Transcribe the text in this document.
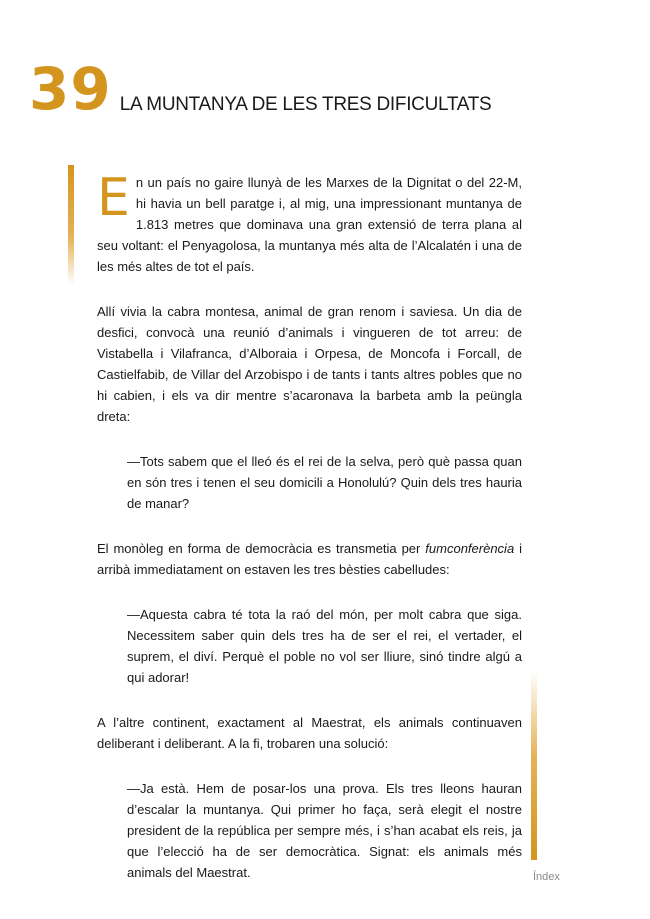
39 LA MUNTANYA DE LES TRES DIFICULTATS

En un país no gaire llunyà de les Marxes de la Dignitat o del 22-M, hi havia un bell paratge i, al mig, una impressionant muntanya de 1.813 metres que dominava una gran extensió de terra plana al seu voltant: el Penyagolosa, la muntanya més alta de l’Alcalatén i una de les més altes de tot el país.

Allí vivia la cabra montesa, animal de gran renom i saviesa. Un dia de desfici, convocà una reunió d’animals i vingueren de tot arreu: de Vistabella i Vilafranca, d’Alboraia i Orpesa, de Moncofa i Forcall, de Castielfabib, de Villar del Arzobispo i de tants i tants altres pobles que no hi cabien, i els va dir mentre s’acaronava la barbeta amb la peüngla dreta:

—Tots sabem que el lleó és el rei de la selva, però què passa quan en són tres i tenen el seu domicili a Honolulú? Quin dels tres hauria de manar?

El monòleg en forma de democràcia es transmetia per fumconferència i arribà immediatament on estaven les tres bèsties cabelludes:

—Aquesta cabra té tota la raó del món, per molt cabra que siga. Necessitem saber quin dels tres ha de ser el rei, el vertader, el suprem, el diví. Perquè el poble no vol ser lliure, sinó tindre algú a qui adorar!

A l’altre continent, exactament al Maestrat, els animals continuaven deliberant i deliberant. A la fi, trobaren una solució:

—Ja està. Hem de posar-los una prova. Els tres lleons hauran d’escalar la muntanya. Qui primer ho faça, serà elegit el nostre president de la república per sempre més, i s’han acabat els reis, ja que l’elecció ha de ser democràtica. Signat: els animals més animals del Maestrat.	Índex
